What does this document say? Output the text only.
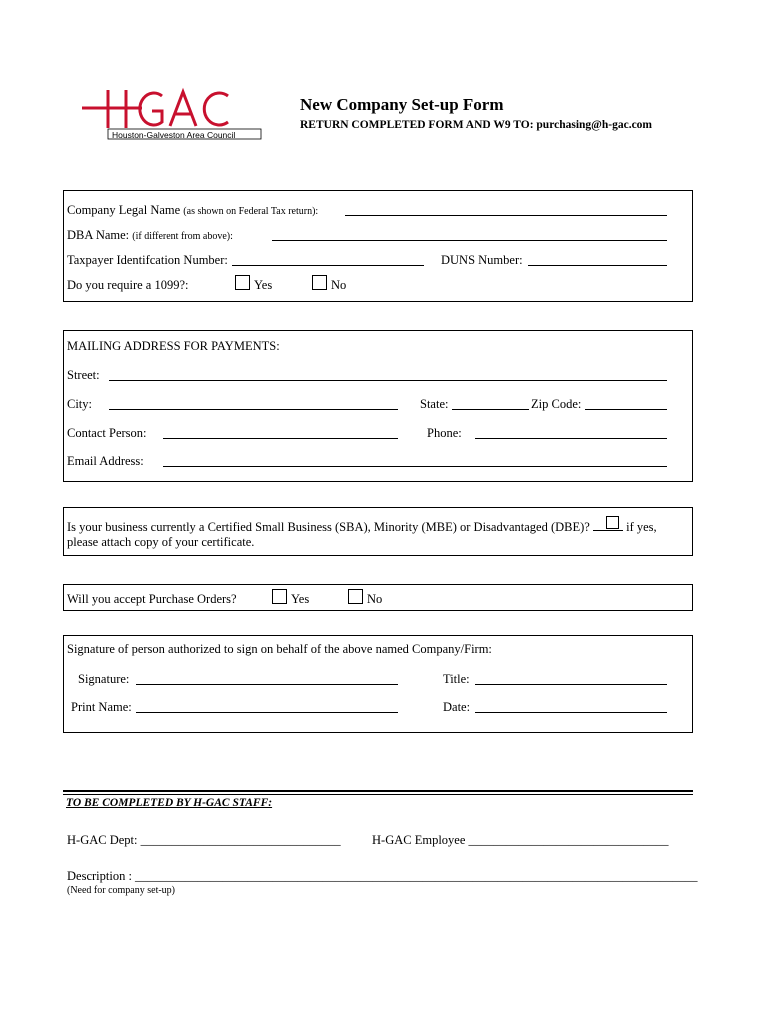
Houston-Galveston Area Council
New Company Set-up Form
RETURN COMPLETED FORM AND W9 TO: purchasing@h-gac.com
Company Legal Name (as shown on Federal Tax return):
DBA Name: (if different from above):
Taxpayer Identifcation Number:	DUNS Number:
Do you require a 1099?:	Yes	No
MAILING ADDRESS FOR PAYMENTS:
Street:
City:	State:	Zip Code:
Contact Person:	Phone:
Email Address:
Is your business currently a Certified Small Business (SBA), Minority (MBE) or Disadvantaged (DBE)?
if yes,
please attach copy of your certificate.
Will you accept Purchase Orders?	Yes	No
Signature of person authorized to sign on behalf of the above named Company/Firm:
Signature:	Title:
Print Name:	Date:
TO BE COMPLETED BY H-GAC STAFF:
H-GAC Dept: ________________________________	H-GAC Employee ________________________________
Description : __________________________________________________________________________________________
(Need for company set-up)
